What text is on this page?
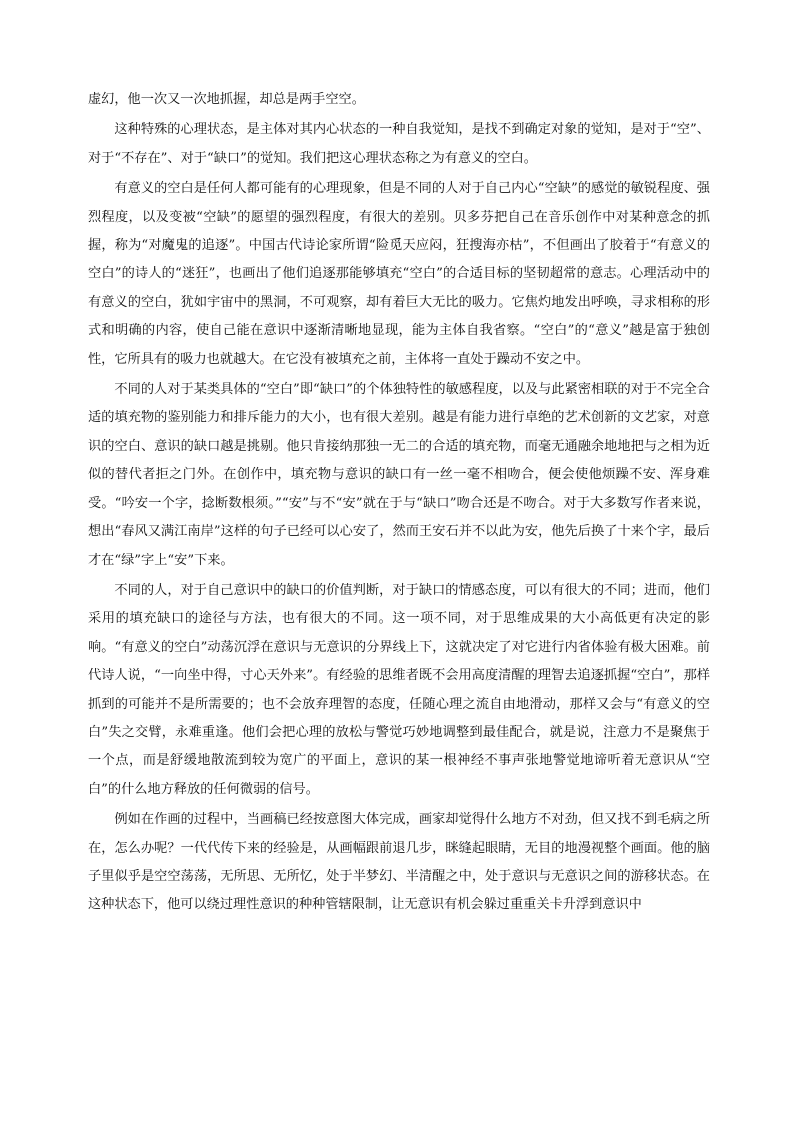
虚幻，他一次又一次地抓握，却总是两手空空。

这种特殊的心理状态，是主体对其内心状态的一种自我觉知，是找不到确定对象的觉知，是对于“空”、对于“不存在”、对于“缺口”的觉知。我们把这心理状态称之为有意义的空白。

有意义的空白是任何人都可能有的心理现象，但是不同的人对于自己内心“空缺”的感觉的敏锐程度、强烈程度，以及变被“空缺”的愿望的强烈程度，有很大的差别。贝多芬把自己在音乐创作中对某种意念的抓握，称为“对魔鬼的追逐”。中国古代诗论家所谓“险觅天应闷，狂搜海亦枯”，不但画出了胶着于“有意义的空白”的诗人的“迷狂”，也画出了他们追逐那能够填充“空白”的合适目标的坚韧超常的意志。心理活动中的有意义的空白，犹如宇宙中的黑洞，不可观察，却有着巨大无比的吸力。它焦灼地发出呼唤，寻求相称的形式和明确的内容，使自己能在意识中逐渐清晰地显现，能为主体自我省察。“空白”的“意义”越是富于独创性，它所具有的吸力也就越大。在它没有被填充之前，主体将一直处于躁动不安之中。

不同的人对于某类具体的“空白”即“缺口”的个体独特性的敏感程度，以及与此紧密相联的对于不完全合适的填充物的鉴别能力和排斥能力的大小，也有很大差别。越是有能力进行卓绝的艺术创新的文艺家，对意识的空白、意识的缺口越是挑剔。他只肯接纳那独一无二的合适的填充物，而毫无通融余地地把与之相为近似的替代者拒之门外。在创作中，填充物与意识的缺口有一丝一毫不相吻合，便会使他烦躁不安、浑身难受。“吟安一个字，捻断数根须。”“安”与不“安”就在于与“缺口”吻合还是不吻合。对于大多数写作者来说，想出“春风又满江南岸”这样的句子已经可以心安了，然而王安石并不以此为安，他先后换了十来个字，最后才在“绿”字上“安”下来。

不同的人，对于自己意识中的缺口的价值判断，对于缺口的情感态度，可以有很大的不同；进而，他们采用的填充缺口的途径与方法，也有很大的不同。这一项不同，对于思维成果的大小高低更有决定的影响。“有意义的空白”动荡沉浮在意识与无意识的分界线上下，这就决定了对它进行内省体验有极大困难。前代诗人说，“一向坐中得，寸心天外来”。有经验的思维者既不会用高度清醒的理智去追逐抓握“空白”，那样抓到的可能并不是所需要的；也不会放弃理智的态度，任随心理之流自由地滑动，那样又会与“有意义的空白”失之交臂，永难重逢。他们会把心理的放松与警觉巧妙地调整到最佳配合，就是说，注意力不是聚焦于一个点，而是舒缓地散流到较为宽广的平面上，意识的某一根神经不事声张地警觉地谛听着无意识从“空白”的什么地方释放的任何微弱的信号。

例如在作画的过程中，当画稿已经按意图大体完成，画家却觉得什么地方不对劲，但又找不到毛病之所在，怎么办呢？一代代传下来的经验是，从画幅跟前退几步，眯缝起眼睛，无目的地漫视整个画面。他的脑子里似乎是空空荡荡，无所思、无所忆，处于半梦幻、半清醒之中，处于意识与无意识之间的游移状态。在这种状态下，他可以绕过理性意识的种种管辖限制，让无意识有机会躲过重重关卡升浮到意识中
